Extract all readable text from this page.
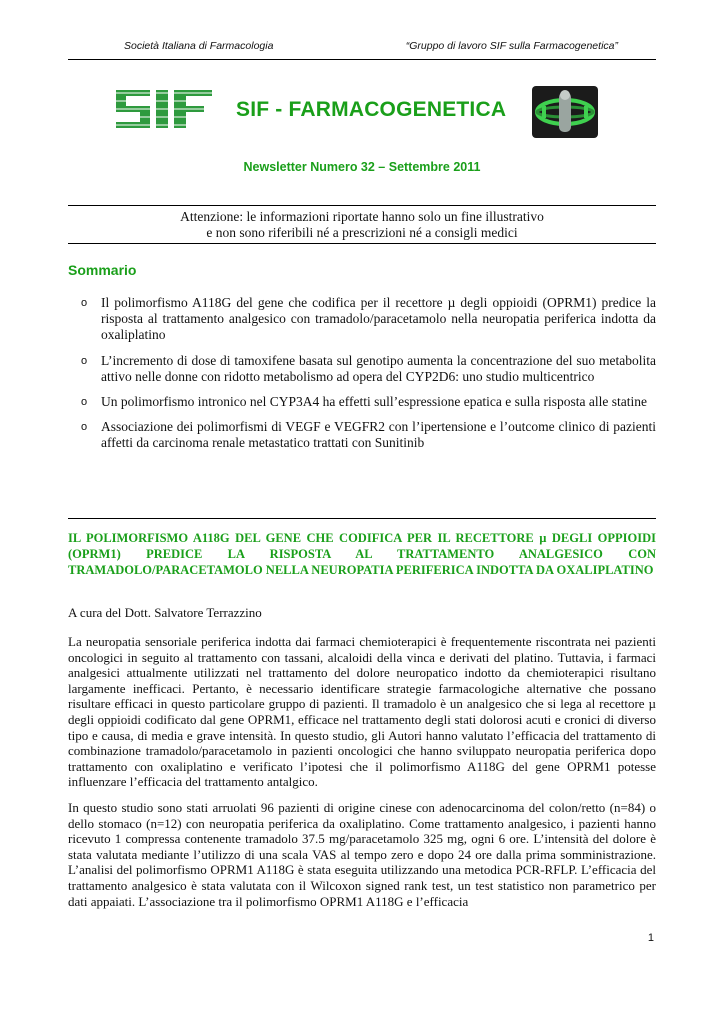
Società Italiana di Farmacologia	“Gruppo di lavoro SIF sulla Farmacogenetica”
SIF - FARMACOGENETICA
Newsletter Numero 32 – Settembre 2011
Attenzione: le informazioni riportate hanno solo un fine illustrativo
e non sono riferibili né a prescrizioni né a consigli medici
Sommario
o Il polimorfismo A118G del gene che codifica per il recettore µ degli oppioidi (OPRM1) predice la risposta al trattamento analgesico con tramadolo/paracetamolo nella neuropatia periferica indotta da oxaliplatino
o L’incremento di dose di tamoxifene basata sul genotipo aumenta la concentrazione del suo metabolita attivo nelle donne con ridotto metabolismo ad opera del CYP2D6: uno studio multicentrico
o Un polimorfismo intronico nel CYP3A4 ha effetti sull’espressione epatica e sulla risposta alle statine
o Associazione dei polimorfismi di VEGF e VEGFR2 con l’ipertensione e l’outcome clinico di pazienti affetti da carcinoma renale metastatico trattati con Sunitinib
IL POLIMORFISMO A118G DEL GENE CHE CODIFICA PER IL RECETTORE µ DEGLI OPPIOIDI (OPRM1) PREDICE LA RISPOSTA AL TRATTAMENTO ANALGESICO CON TRAMADOLO/PARACETAMOLO NELLA NEUROPATIA PERIFERICA INDOTTA DA OXALIPLATINO
A cura del Dott. Salvatore Terrazzino

La neuropatia sensoriale periferica indotta dai farmaci chemioterapici è frequentemente riscontrata nei pazienti oncologici in seguito al trattamento con tassani, alcaloidi della vinca e derivati del platino. Tuttavia, i farmaci analgesici attualmente utilizzati nel trattamento del dolore neuropatico indotto da chemioterapici risultano largamente inefficaci. Pertanto, è necessario identificare strategie farmacologiche alternative che possano risultare efficaci in questo particolare gruppo di pazienti. Il tramadolo è un analgesico che si lega al recettore µ degli oppioidi codificato dal gene OPRM1, efficace nel trattamento degli stati dolorosi acuti e cronici di diverso tipo e causa, di media e grave intensità. In questo studio, gli Autori hanno valutato l’efficacia del trattamento di combinazione tramadolo/paracetamolo in pazienti oncologici che hanno sviluppato neuropatia periferica dopo trattamento con oxaliplatino e verificato l’ipotesi che il polimorfismo A118G del gene OPRM1 potesse influenzare l’efficacia del trattamento antalgico.

In questo studio sono stati arruolati 96 pazienti di origine cinese con adenocarcinoma del colon/retto (n=84) o dello stomaco (n=12) con neuropatia periferica da oxaliplatino. Come trattamento analgesico, i pazienti hanno ricevuto 1 compressa contenente tramadolo 37.5 mg/paracetamolo 325 mg, ogni 6 ore. L’intensità del dolore è stata valutata mediante l’utilizzo di una scala VAS al tempo zero e dopo 24 ore dalla prima somministrazione. L’analisi del polimorfismo OPRM1 A118G è stata eseguita utilizzando una metodica PCR-RFLP. L’efficacia del trattamento analgesico è stata valutata con il Wilcoxon signed rank test, un test statistico non parametrico per dati appaiati. L’associazione tra il polimorfismo OPRM1 A118G e l’efficacia

1
